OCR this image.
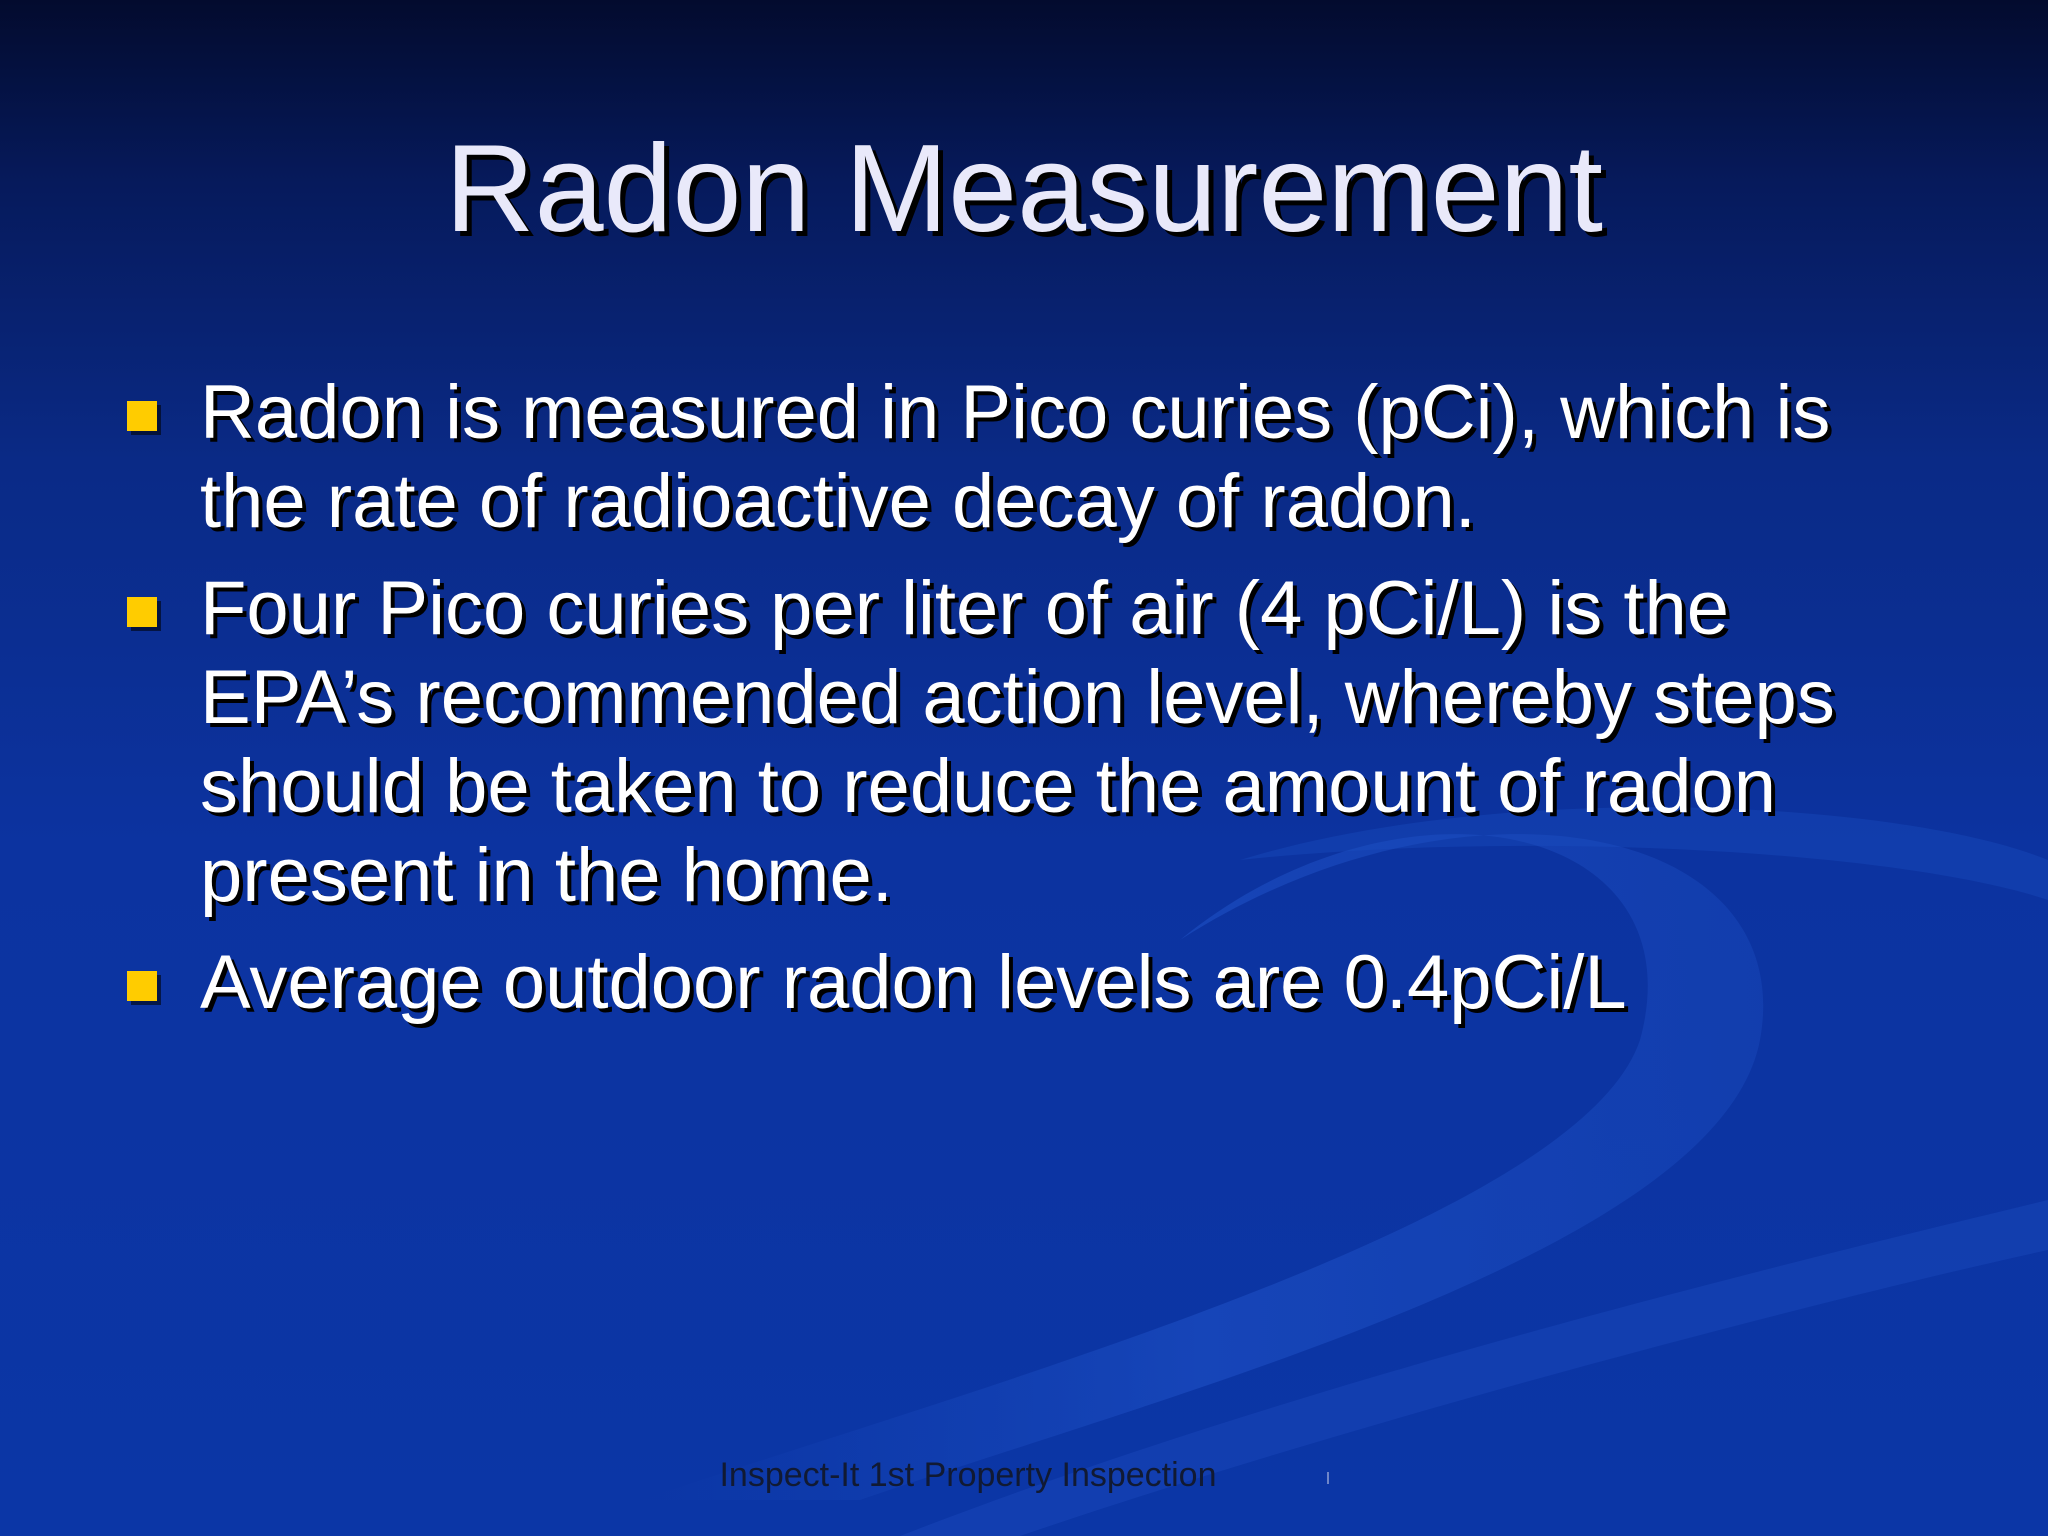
Radon Measurement
Radon is measured in Pico curies (pCi), which is the rate of radioactive decay of radon.
Four Pico curies per liter of air (4 pCi/L) is the EPA’s recommended action level, whereby steps should be taken to reduce the amount of radon present in the home.
Average outdoor radon levels are 0.4pCi/L
Inspect-It 1st Property Inspection
